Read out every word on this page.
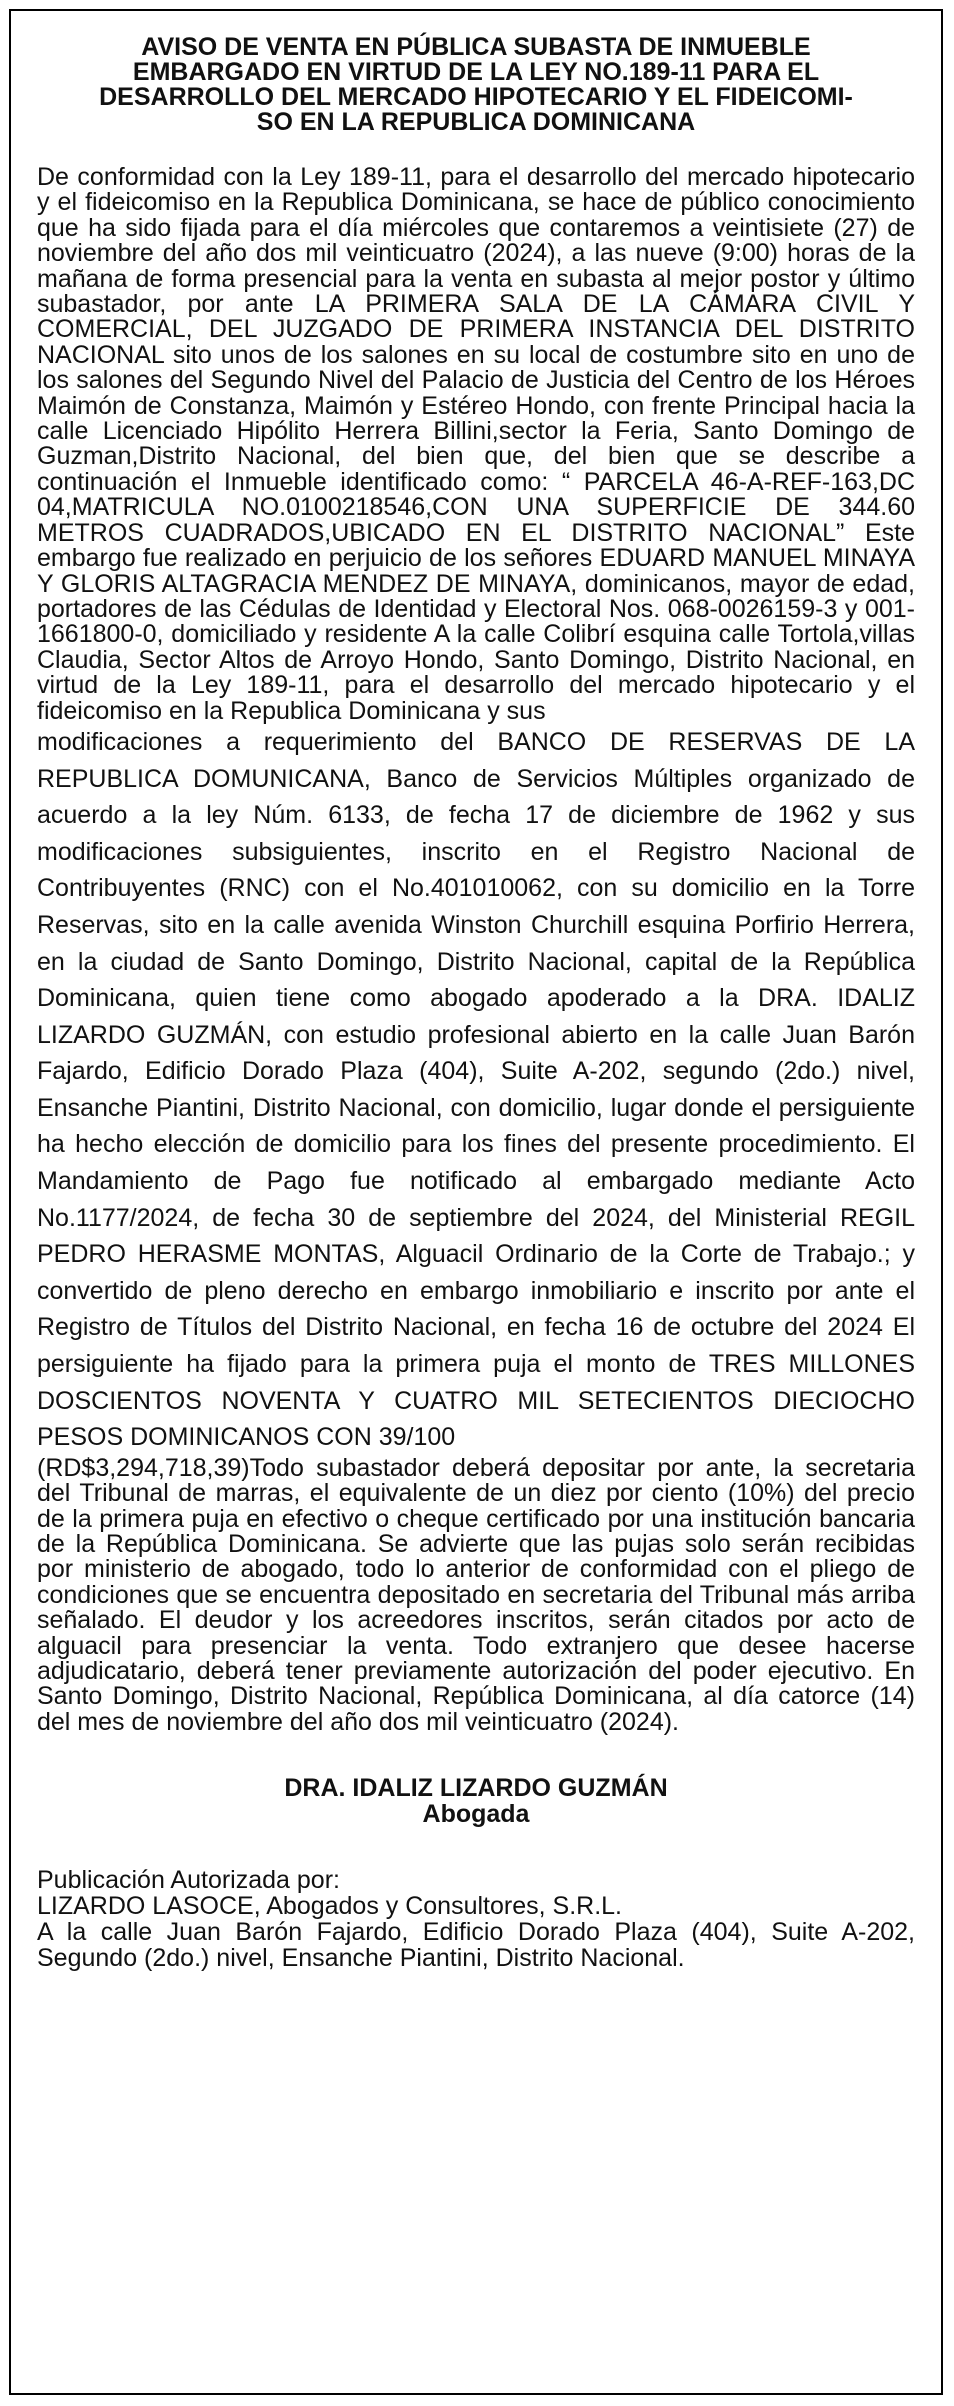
AVISO DE VENTA EN PÚBLICA SUBASTA DE INMUEBLE
EMBARGADO EN VIRTUD DE LA LEY NO.189-11 PARA EL
DESARROLLO DEL MERCADO HIPOTECARIO Y EL FIDEICOMI-
SO EN LA REPUBLICA DOMINICANA

De conformidad con la Ley 189-11, para el desarrollo del mercado hipotecario y el fideicomiso en la Republica Dominicana, se hace de público conocimiento que ha sido fijada para el día miércoles que contaremos a veintisiete (27) de noviembre del año dos mil veinticuatro (2024), a las nueve (9:00) horas de la mañana de forma presencial para la venta en subasta al mejor postor y último subastador, por ante LA PRIMERA SALA DE LA CÁMARA CIVIL Y COMERCIAL, DEL JUZGADO DE PRIMERA INSTANCIA DEL DISTRITO NACIONAL sito unos de los salones en su local de costumbre sito en uno de los salones del Segundo Nivel del Palacio de Justicia del Centro de los Héroes Maimón de Constanza, Maimón y Estéreo Hondo, con frente Principal hacia la calle Licenciado Hipólito Herrera Billini,sector la Feria, Santo Domingo de Guzman,Distrito Nacional, del bien que, del bien que se describe a continuación el Inmueble identificado como: “ PARCELA 46-A-REF-163,DC 04,MATRICULA NO.0100218546,CON UNA SUPERFICIE DE 344.60 METROS CUADRADOS,UBICADO EN EL DISTRITO NACIONAL” Este embargo fue realizado en perjuicio de los señores EDUARD MANUEL MINAYA Y GLORIS ALTAGRACIA MENDEZ DE MINAYA, dominicanos, mayor de edad, portadores de las Cédulas de Identidad y Electoral Nos. 068-0026159-3 y 001-1661800-0, domiciliado y residente A la calle Colibrí esquina calle Tortola,villas Claudia, Sector Altos de Arroyo Hondo, Santo Domingo, Distrito Nacional, en virtud de la Ley 189-11, para el desarrollo del mercado hipotecario y el fideicomiso en la Republica Dominicana y sus

modificaciones a requerimiento del BANCO DE RESERVAS DE LA REPUBLICA DOMUNICANA, Banco de Servicios Múltiples organizado de acuerdo a la ley Núm. 6133, de fecha 17 de diciembre de 1962 y sus modificaciones subsiguientes, inscrito en el Registro Nacional de Contribuyentes (RNC) con el No.401010062, con su domicilio en la Torre Reservas, sito en la calle avenida Winston Churchill esquina Porfirio Herrera, en la ciudad de Santo Domingo, Distrito Nacional, capital de la República Dominicana, quien tiene como abogado apoderado a la DRA. IDALIZ LIZARDO GUZMÁN, con estudio profesional abierto en la calle Juan Barón Fajardo, Edificio Dorado Plaza (404), Suite A-202, segundo (2do.) nivel, Ensanche Piantini, Distrito Nacional, con domicilio, lugar donde el persiguiente ha hecho elección de domicilio para los fines del presente procedimiento. El Mandamiento de Pago fue notificado al embargado mediante Acto No.1177/2024, de fecha 30 de septiembre del 2024, del Ministerial REGIL PEDRO HERASME MONTAS, Alguacil Ordinario de la Corte de Trabajo.; y convertido de pleno derecho en embargo inmobiliario e inscrito por ante el Registro de Títulos del Distrito Nacional, en fecha 16 de octubre del 2024 El persiguiente ha fijado para la primera puja el monto de TRES MILLONES DOSCIENTOS NOVENTA Y CUATRO MIL SETECIENTOS DIECIOCHO PESOS DOMINICANOS CON 39/100

(RD$3,294,718,39)Todo subastador deberá depositar por ante, la secretaria del Tribunal de marras, el equivalente de un diez por ciento (10%) del precio de la primera puja en efectivo o cheque certificado por una institución bancaria de la República Dominicana. Se advierte que las pujas solo serán recibidas por ministerio de abogado, todo lo anterior de conformidad con el pliego de condiciones que se encuentra depositado en secretaria del Tribunal más arriba señalado. El deudor y los acreedores inscritos, serán citados por acto de alguacil para presenciar la venta. Todo extranjero que desee hacerse adjudicatario, deberá tener previamente autorización del poder ejecutivo. En Santo Domingo, Distrito Nacional, República Dominicana, al día catorce (14) del mes de noviembre del año dos mil veinticuatro (2024).

DRA. IDALIZ LIZARDO GUZMÁN
Abogada
Publicación Autorizada por:
LIZARDO LASOCE, Abogados y Consultores, S.R.L.
A la calle Juan Barón Fajardo, Edificio Dorado Plaza (404), Suite A-202, Segundo (2do.) nivel, Ensanche Piantini, Distrito Nacional.
